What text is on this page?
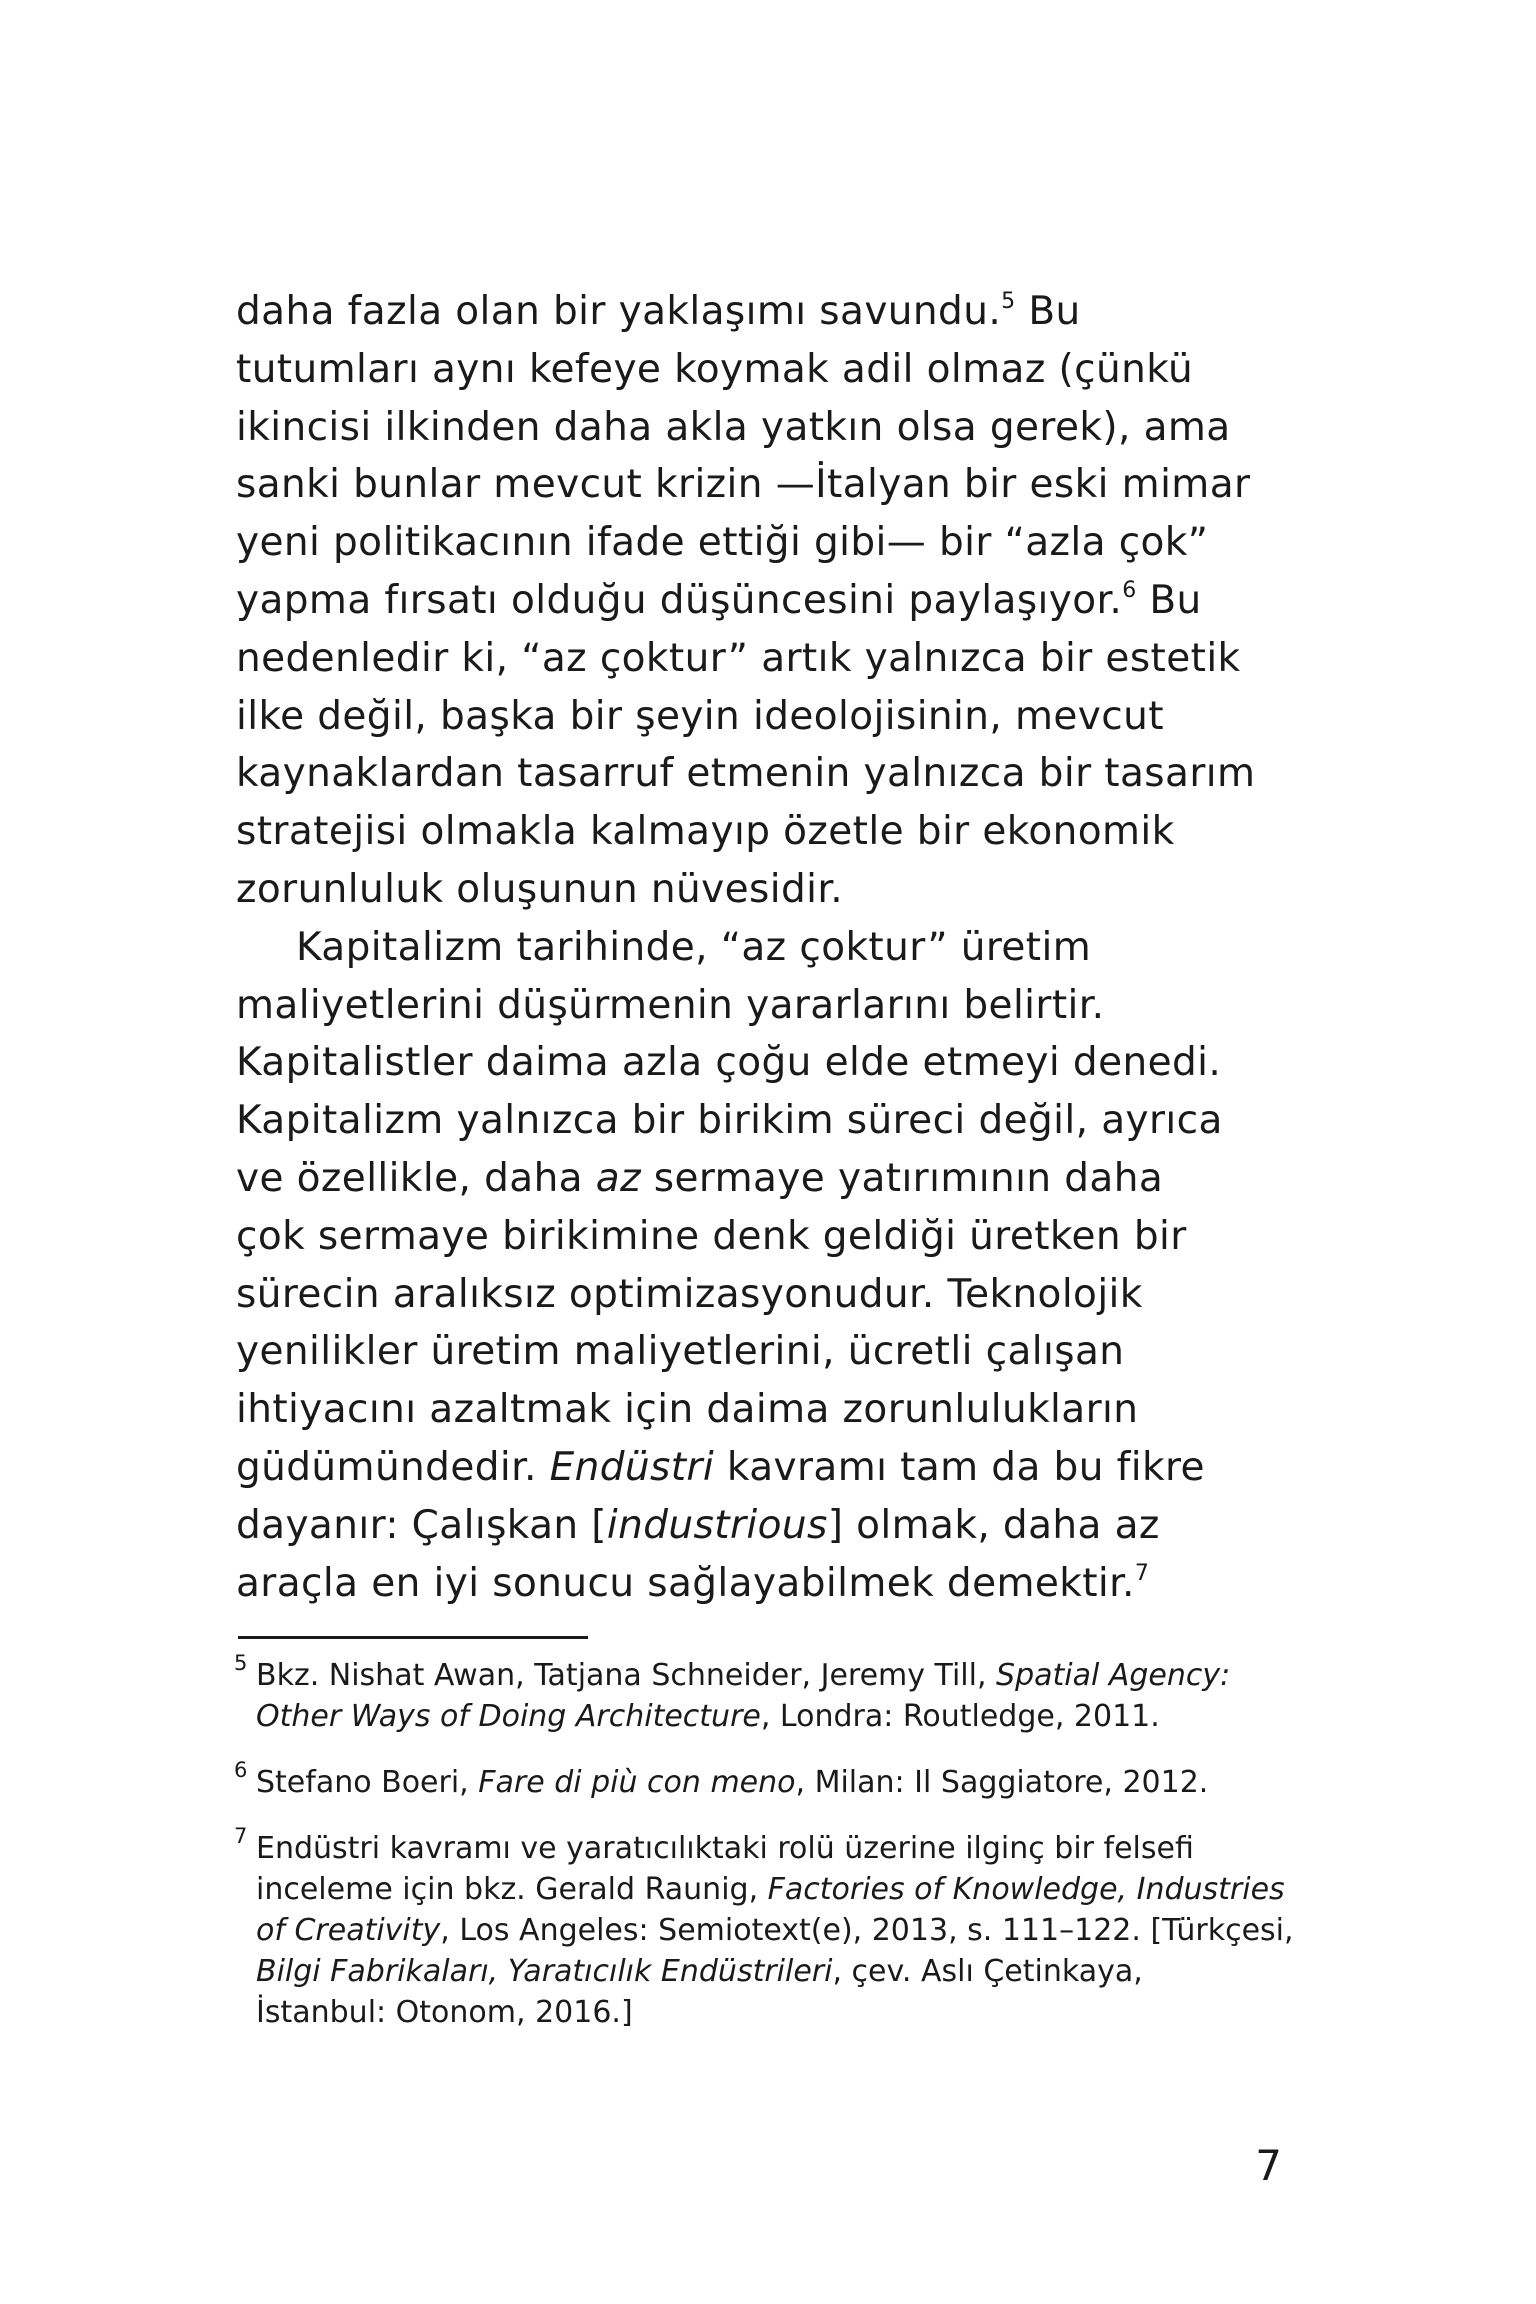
daha fazla olan bir yaklaşımı savundu.$^5$ Bu
tutumları aynı kefeye koymak adil olmaz (çünkü
ikincisi ilkinden daha akla yatkın olsa gerek), ama
sanki bunlar mevcut krizin —İtalyan bir eski mimar
yeni politikacının ifade ettiği gibi— bir “azla çok”
yapma fırsatı olduğu düşüncesini paylaşıyor.$^6$ Bu
nedenledir ki, “az çoktur” artık yalnızca bir estetik
ilke değil, başka bir şeyin ideolojisinin, mevcut
kaynaklardan tasarruf etmenin yalnızca bir tasarım
stratejisi olmakla kalmayıp özetle bir ekonomik
zorunluluk oluşunun nüvesidir.

Kapitalizm tarihinde, “az çoktur” üretim
maliyetlerini düşürmenin yararlarını belirtir.
Kapitalistler daima azla çoğu elde etmeyi denedi.
Kapitalizm yalnızca bir birikim süreci değil, ayrıca
ve özellikle, daha az sermaye yatırımının daha
çok sermaye birikimine denk geldiği üretken bir
sürecin aralıksız optimizasyonudur. Teknolojik
yenilikler üretim maliyetlerini, ücretli çalışan
ihtiyacını azaltmak için daima zorunlulukların
güdümündedir. Endüstri kavramı tam da bu fikre
dayanır: Çalışkan [industrious] olmak, daha az
araçla en iyi sonucu sağlayabilmek demektir.$^7$

5 Bkz. Nishat Awan, Tatjana Schneider, Jeremy Till, Spatial Agency:
Other Ways of Doing Architecture, Londra: Routledge, 2011.
6 Stefano Boeri, Fare di più con meno, Milan: Il Saggiatore, 2012.
7 Endüstri kavramı ve yaratıcılıktaki rolü üzerine ilginç bir felsefi
inceleme için bkz. Gerald Raunig, Factories of Knowledge, Industries
of Creativity, Los Angeles: Semiotext(e), 2013, s. 111–122. [Türkçesi,
Bilgi Fabrikaları, Yaratıcılık Endüstrileri, çev. Aslı Çetinkaya,
İstanbul: Otonom, 2016.]
7
